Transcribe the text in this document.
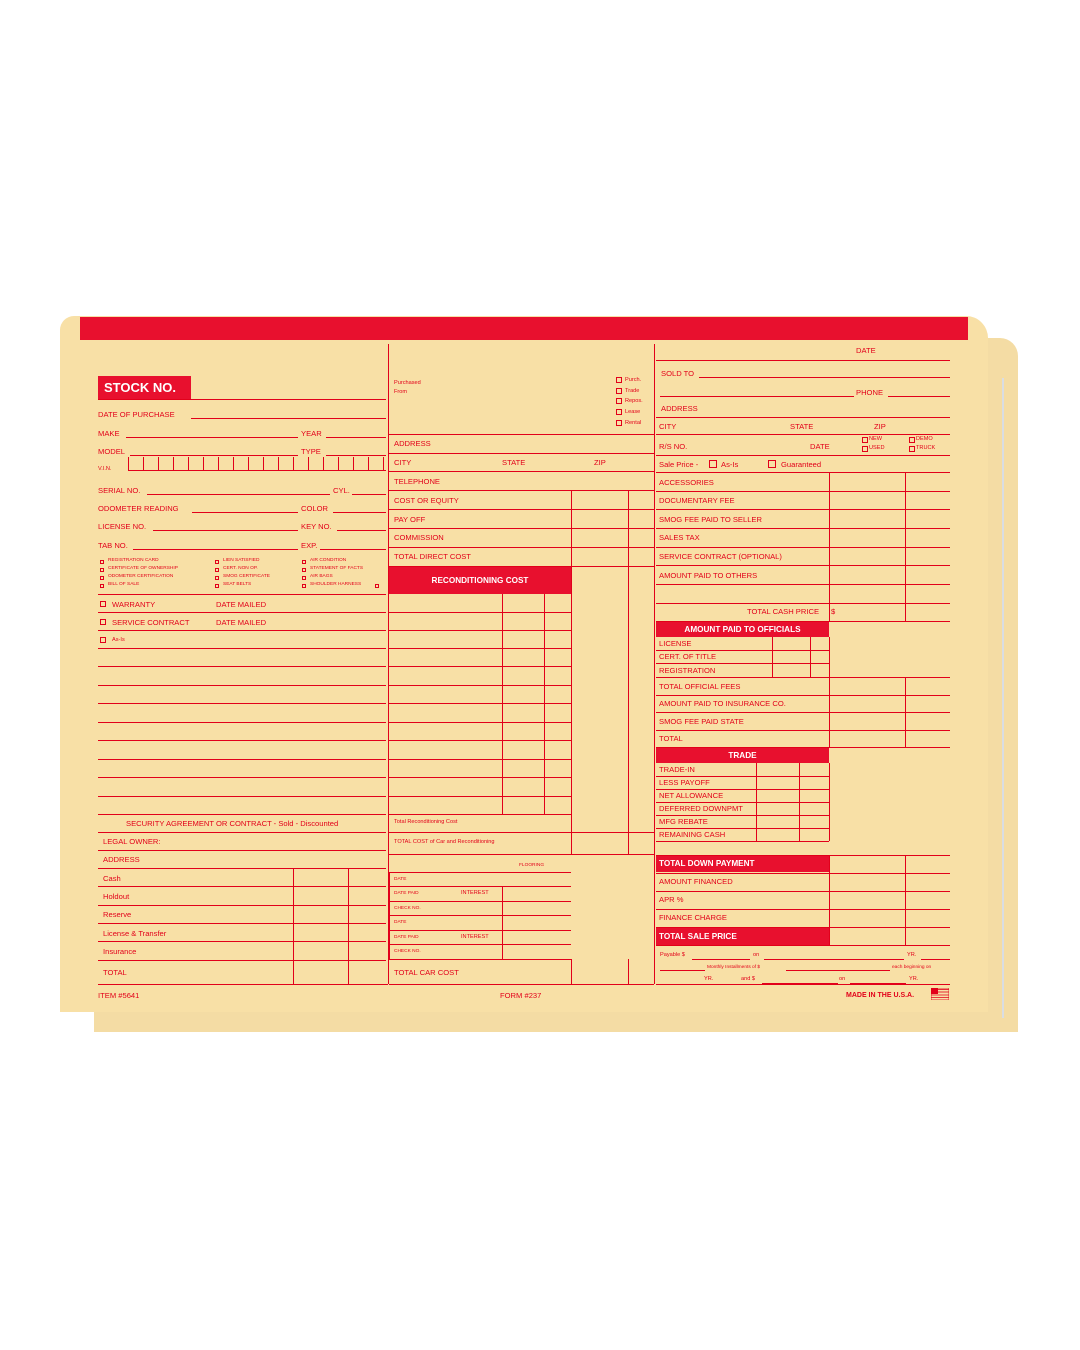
STOCK NO.
DATE OF PURCHASE
MAKE	YEAR
MODEL	TYPE
V.I.N.
SERIAL NO.	CYL.
ODOMETER READING	COLOR
LICENSE NO.	KEY NO.
TAB NO.	EXP.
REGISTRATION CARD
CERTIFICATE OF OWNERSHIP
ODOMETER CERTIFICATION
BILL OF SALE
LIEN SATISFIED
CERT. NON OP.
SMOG CERTIFICATE
SEAT BELTS
AIR CONDITION
STATEMENT OF FACTS
AIR BAGS
SHOULDER HARNESS
WARRANTY	DATE MAILED
SERVICE CONTRACT	DATE MAILED
As-Is
SECURITY AGREEMENT OR CONTRACT - Sold - Discounted
LEGAL OWNER:
ADDRESS
Cash
Holdout
Reserve
License & Transfer
Insurance
TOTAL
ITEM #5641
Purchased
From
Purch.
Trade
Repos.
Lease
Rental
ADDRESS
CITY	STATE	ZIP
TELEPHONE
COST OR EQUITY
PAY OFF
COMMISSION
TOTAL DIRECT COST
RECONDITIONING COST
Total Reconditioning Cost
TOTAL COST of Car and Reconditioning
FLOORING
DATE
DATE PAID	INTEREST
CHECK NO.
DATE
DATE PAID	INTEREST
CHECK NO.
TOTAL CAR COST
FORM #237
DATE
SOLD TO
PHONE
ADDRESS
CITY	STATE	ZIP
R/S NO.	DATE
NEW
USED
DEMO
TRUCK
Sale Price -	As-Is	Guaranteed
ACCESSORIES
DOCUMENTARY FEE
SMOG FEE PAID TO SELLER
SALES TAX
SERVICE CONTRACT (OPTIONAL)
AMOUNT PAID TO OTHERS
TOTAL CASH PRICE $
AMOUNT PAID TO OFFICIALS
LICENSE
CERT. OF TITLE
REGISTRATION
TOTAL OFFICIAL FEES
AMOUNT PAID TO INSURANCE CO.
SMOG FEE PAID STATE
TOTAL
TRADE
TRADE-IN
LESS PAYOFF
NET ALLOWANCE
DEFERRED DOWNPMT
MFG REBATE
REMAINING CASH
TOTAL DOWN PAYMENT
AMOUNT FINANCED
APR %
FINANCE CHARGE
TOTAL SALE PRICE
Payable $	on	YR.
Monthly Installments of $	each beginning on
YR.	and $	on	YR.
MADE IN THE U.S.A.
